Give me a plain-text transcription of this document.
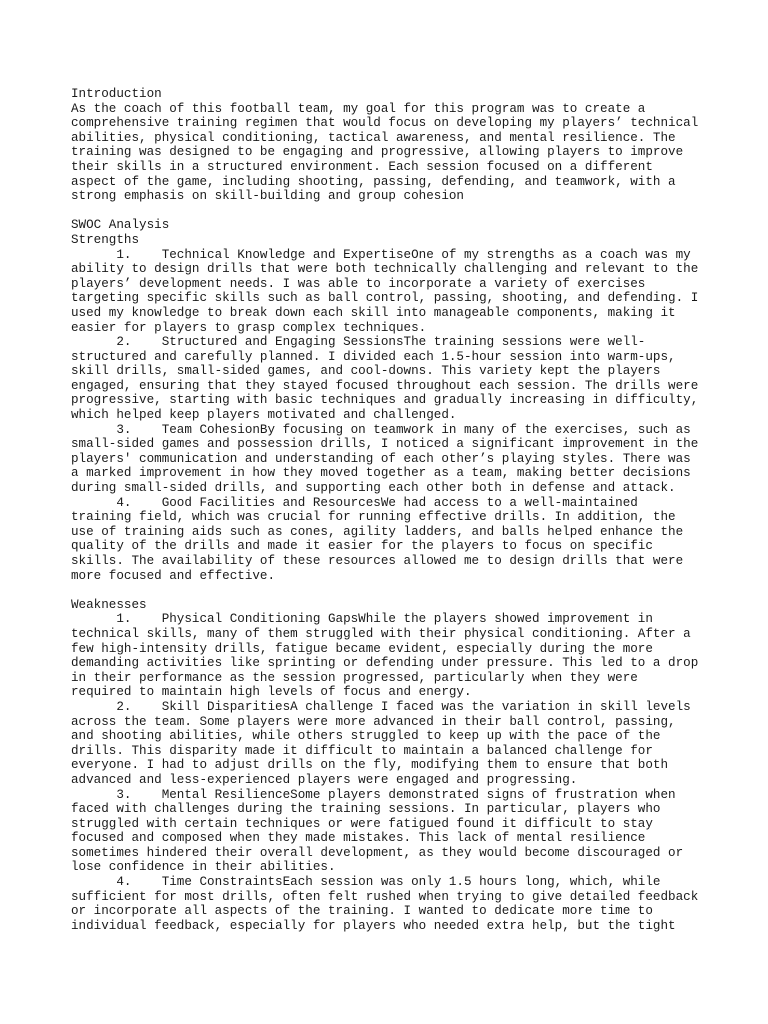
Introduction
As the coach of this football team, my goal for this program was to create a
comprehensive training regimen that would focus on developing my players’ technical
abilities, physical conditioning, tactical awareness, and mental resilience. The
training was designed to be engaging and progressive, allowing players to improve
their skills in a structured environment. Each session focused on a different
aspect of the game, including shooting, passing, defending, and teamwork, with a
strong emphasis on skill-building and group cohesion
SWOC Analysis
Strengths
1.    Technical Knowledge and ExpertiseOne of my strengths as a coach was my
ability to design drills that were both technically challenging and relevant to the
players’ development needs. I was able to incorporate a variety of exercises
targeting specific skills such as ball control, passing, shooting, and defending. I
used my knowledge to break down each skill into manageable components, making it
easier for players to grasp complex techniques.
2.    Structured and Engaging SessionsThe training sessions were well-
structured and carefully planned. I divided each 1.5-hour session into warm-ups,
skill drills, small-sided games, and cool-downs. This variety kept the players
engaged, ensuring that they stayed focused throughout each session. The drills were
progressive, starting with basic techniques and gradually increasing in difficulty,
which helped keep players motivated and challenged.
3.    Team CohesionBy focusing on teamwork in many of the exercises, such as
small-sided games and possession drills, I noticed a significant improvement in the
players' communication and understanding of each other’s playing styles. There was
a marked improvement in how they moved together as a team, making better decisions
during small-sided drills, and supporting each other both in defense and attack.
4.    Good Facilities and ResourcesWe had access to a well-maintained
training field, which was crucial for running effective drills. In addition, the
use of training aids such as cones, agility ladders, and balls helped enhance the
quality of the drills and made it easier for the players to focus on specific
skills. The availability of these resources allowed me to design drills that were
more focused and effective.
Weaknesses
1.    Physical Conditioning GapsWhile the players showed improvement in
technical skills, many of them struggled with their physical conditioning. After a
few high-intensity drills, fatigue became evident, especially during the more
demanding activities like sprinting or defending under pressure. This led to a drop
in their performance as the session progressed, particularly when they were
required to maintain high levels of focus and energy.
2.    Skill DisparitiesA challenge I faced was the variation in skill levels
across the team. Some players were more advanced in their ball control, passing,
and shooting abilities, while others struggled to keep up with the pace of the
drills. This disparity made it difficult to maintain a balanced challenge for
everyone. I had to adjust drills on the fly, modifying them to ensure that both
advanced and less-experienced players were engaged and progressing.
3.    Mental ResilienceSome players demonstrated signs of frustration when
faced with challenges during the training sessions. In particular, players who
struggled with certain techniques or were fatigued found it difficult to stay
focused and composed when they made mistakes. This lack of mental resilience
sometimes hindered their overall development, as they would become discouraged or
lose confidence in their abilities.
4.    Time ConstraintsEach session was only 1.5 hours long, which, while
sufficient for most drills, often felt rushed when trying to give detailed feedback
or incorporate all aspects of the training. I wanted to dedicate more time to
individual feedback, especially for players who needed extra help, but the tight
